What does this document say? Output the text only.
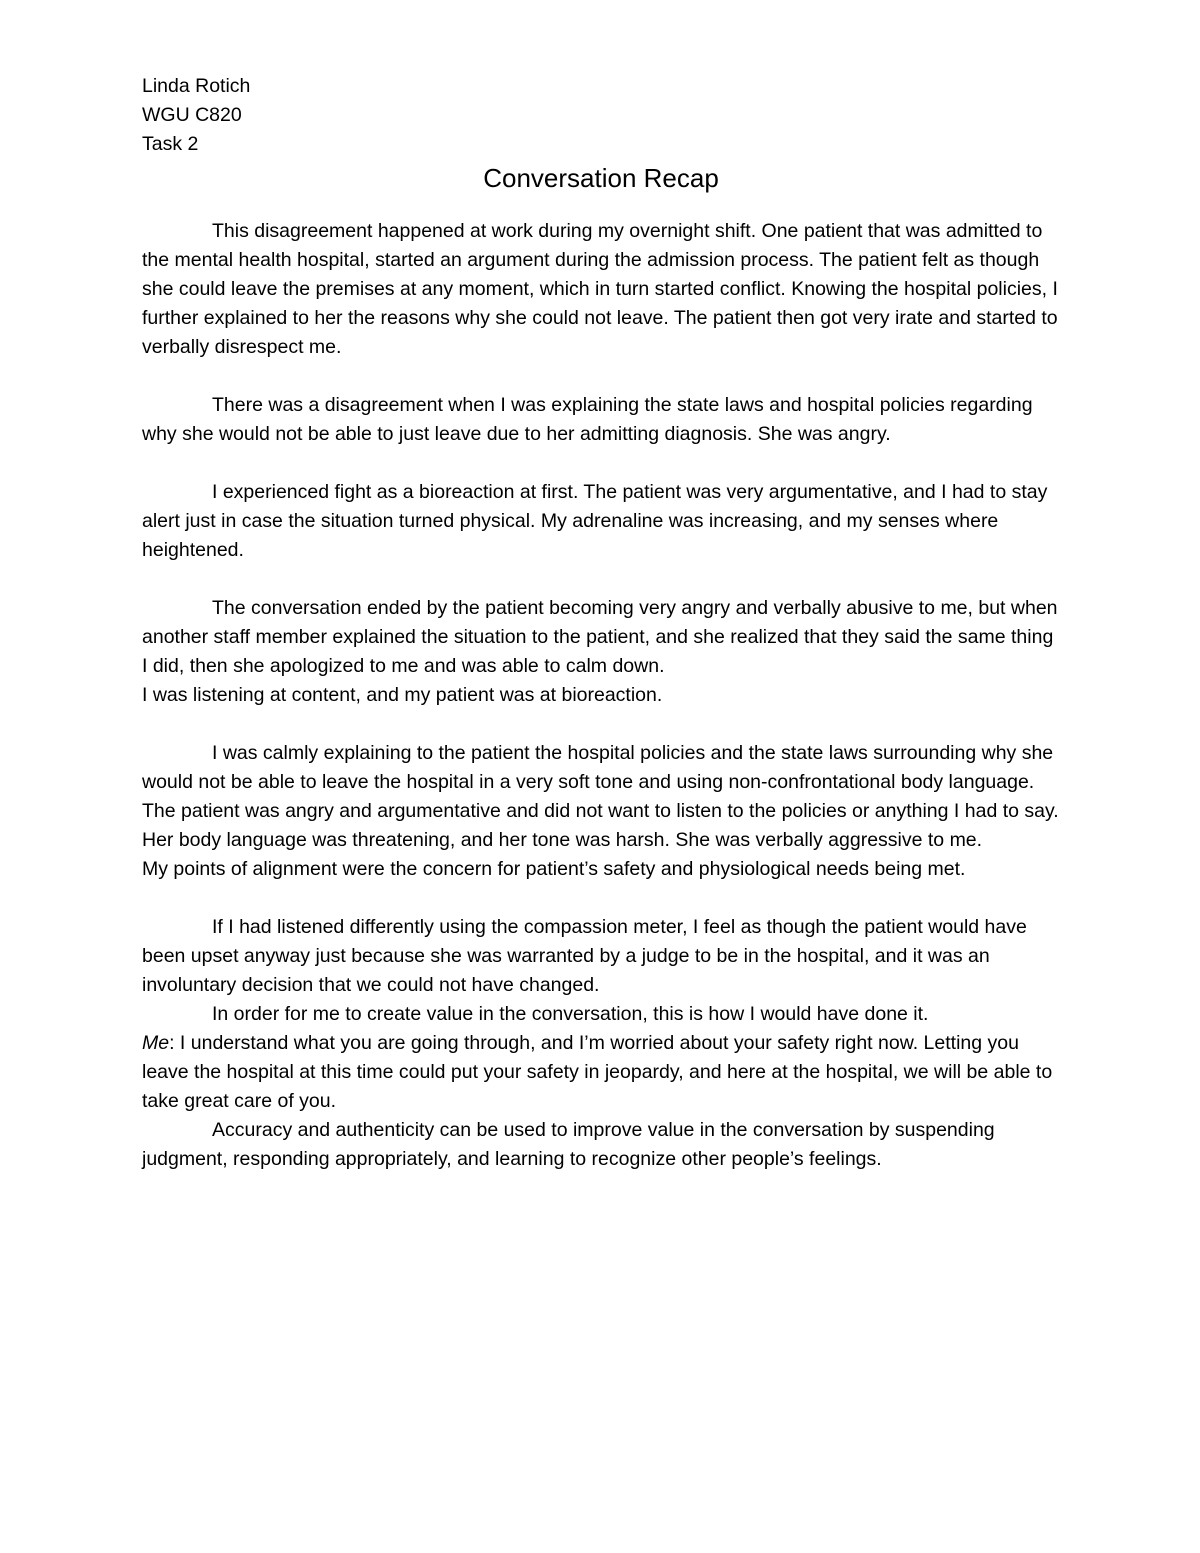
Linda Rotich
WGU C820
Task 2
Conversation Recap

This disagreement happened at work during my overnight shift. One patient that was admitted to the mental health hospital, started an argument during the admission process. The patient felt as though she could leave the premises at any moment, which in turn started conflict. Knowing the hospital policies, I further explained to her the reasons why she could not leave. The patient then got very irate and started to verbally disrespect me.

There was a disagreement when I was explaining the state laws and hospital policies regarding why she would not be able to just leave due to her admitting diagnosis. She was angry.

I experienced fight as a bioreaction at first. The patient was very argumentative, and I had to stay alert just in case the situation turned physical. My adrenaline was increasing, and my senses where heightened.

The conversation ended by the patient becoming very angry and verbally abusive to me, but when another staff member explained the situation to the patient, and she realized that they said the same thing I did, then she apologized to me and was able to calm down.

I was listening at content, and my patient was at bioreaction.

I was calmly explaining to the patient the hospital policies and the state laws surrounding why she would not be able to leave the hospital in a very soft tone and using non-confrontational body language. The patient was angry and argumentative and did not want to listen to the policies or anything I had to say. Her body language was threatening, and her tone was harsh. She was verbally aggressive to me.

My points of alignment were the concern for patient’s safety and physiological needs being met.

If I had listened differently using the compassion meter, I feel as though the patient would have been upset anyway just because she was warranted by a judge to be in the hospital, and it was an involuntary decision that we could not have changed.

In order for me to create value in the conversation, this is how I would have done it.

Me: I understand what you are going through, and I’m worried about your safety right now. Letting you leave the hospital at this time could put your safety in jeopardy, and here at the hospital, we will be able to take great care of you.

Accuracy and authenticity can be used to improve value in the conversation by suspending judgment, responding appropriately, and learning to recognize other people’s feelings.
